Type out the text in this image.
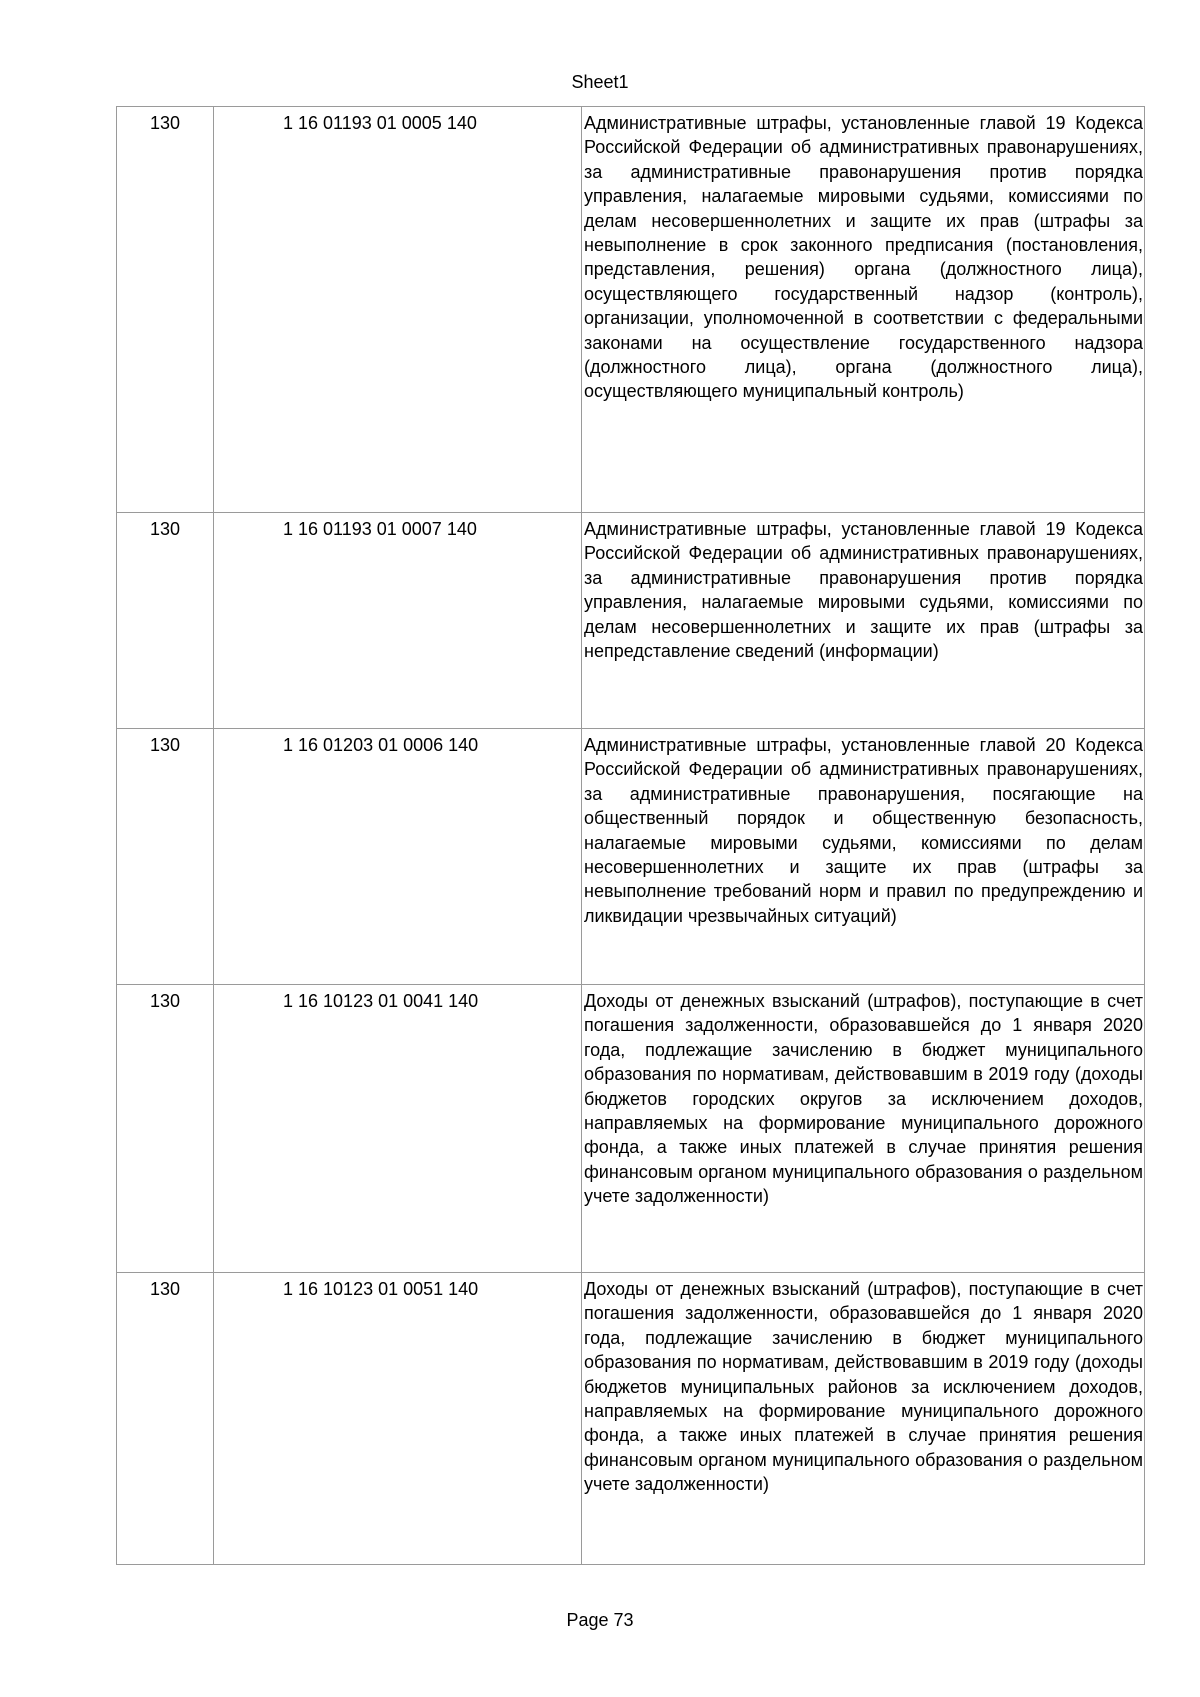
Sheet1
130	1 16 01193 01 0005 140	Административные штрафы, установленные главой 19 Кодекса Российской Федерации об административных правонарушениях, за административные правонарушения против порядка управления, налагаемые мировыми судьями, комиссиями по делам несовершеннолетних и защите их прав (штрафы за невыполнение в срок законного предписания (постановления, представления, решения) органа (должностного лица), осуществляющего государственный надзор (контроль), организации, уполномоченной в соответствии с федеральными законами на осуществление государственного надзора (должностного лица), органа (должностного лица), осуществляющего муниципальный контроль)
130	1 16 01193 01 0007 140	Административные штрафы, установленные главой 19 Кодекса Российской Федерации об административных правонарушениях, за административные правонарушения против порядка управления, налагаемые мировыми судьями, комиссиями по делам несовершеннолетних и защите их прав (штрафы за непредставление сведений (информации)
130	1 16 01203 01 0006 140	Административные штрафы, установленные главой 20 Кодекса Российской Федерации об административных правонарушениях, за административные правонарушения, посягающие на общественный порядок и общественную безопасность, налагаемые мировыми судьями, комиссиями по делам несовершеннолетних и защите их прав (штрафы за невыполнение требований норм и правил по предупреждению и ликвидации чрезвычайных ситуаций)
130	1 16 10123 01 0041 140	Доходы от денежных взысканий (штрафов), поступающие в счет погашения задолженности, образовавшейся до 1 января 2020 года, подлежащие зачислению в бюджет муниципального образования по нормативам, действовавшим в 2019 году (доходы бюджетов городских округов за исключением доходов, направляемых на формирование муниципального дорожного фонда, а также иных платежей в случае принятия решения финансовым органом муниципального образования о раздельном учете задолженности)
130	1 16 10123 01 0051 140	Доходы от денежных взысканий (штрафов), поступающие в счет погашения задолженности, образовавшейся до 1 января 2020 года, подлежащие зачислению в бюджет муниципального образования по нормативам, действовавшим в 2019 году (доходы бюджетов муниципальных районов за исключением доходов, направляемых на формирование муниципального дорожного фонда, а также иных платежей в случае принятия решения финансовым органом муниципального образования о раздельном учете задолженности)
Page 73
